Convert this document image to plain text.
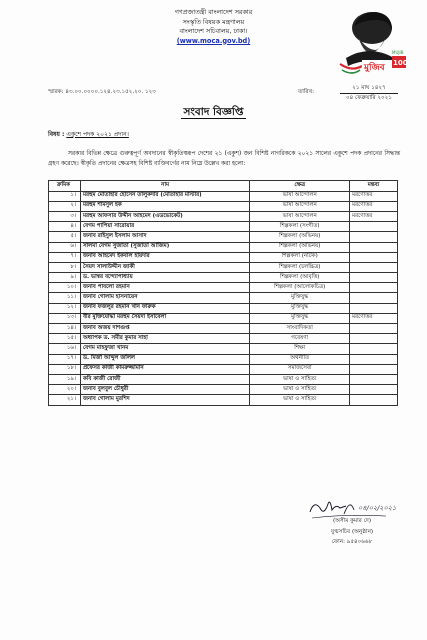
গণপ্রজাতন্ত্রী বাংলাদেশ সরকার
সংস্কৃতি বিষয়ক মন্ত্রণালয়
বাংলাদেশ সচিবালয়, ঢাকা।
(www.moca.gov.bd)
মুজিব 100
MUJIB
স্মারক: ৪৩.০০.০০০০.১২৪.২৩.১৫২.২০. ১২৩	তারিখ:
২১ মাঘ ১৪২৭
০৪ ফেব্রুয়ারি ২০২১
সংবাদ বিজ্ঞপ্তি
বিষয় : একুশে পদক ২০২১ প্রদান।

সরকার বিভিন্ন ক্ষেত্রে গুরুত্বপূর্ণ অবদানের স্বীকৃতিস্বরূপ দেশের ২১ (একুশ) জন বিশিষ্ট নাগরিককে ২০২১ সালের একুশে পদক প্রদানের সিদ্ধান্ত গ্রহণ করেছে। স্বীকৃতি প্রদানের ক্ষেত্রসহ বিশিষ্ট ব্যক্তিবর্গের নাম নিম্নে উল্লেখ করা হলো:

ক্রমিক	নাম	ক্ষেত্র	মন্তব্য
১।	মরহুম মোতাহার হোসেন তালুকদার (মোতাহার মাস্টার)	ভাষা আন্দোলন	মরণোত্তর
২।	মরহুম শামসুল হক	ভাষা আন্দোলন	মরণোত্তর
৩।	মরহুম আফসার উদ্দীন আহমেদ (এডভোকেট)	ভাষা আন্দোলন	মরণোত্তর
৪।	বেগম পাপিয়া সারোয়ার	শিল্পকলা (সংগীত)	
৫।	জনাব রাইসুল ইসলাম আসাদ	শিল্পকলা (অভিনয়)	
৬।	সালমা বেগম সুজাতা (সুজাতা আজিম)	শিল্পকলা (অভিনয়)	
৭।	জনাব আহমেদ ইকবাল হায়দার	শিল্পকলা (নাটক)	
৮।	সৈয়দ সালাউদ্দীন জাকী	শিল্পকলা (চলচ্চিত্র)	
৯।	ড. ভাস্বর বন্দ্যোপাধ্যায়	শিল্পকলা (আবৃত্তি)	
১০।	জনাব পাবলো রহমান	শিল্পকলা (আলোকচিত্র)	
১১।	জনাব গোলাম হাসনায়েন	মুক্তিযুদ্ধ	
১২।	জনাব ফজলুর রহমান খান ফারুক	মুক্তিযুদ্ধ	
১৩।	বীর মুক্তিযোদ্ধা মরহুম সৈয়দা ইসাবেলা	মুক্তিযুদ্ধ	মরণোত্তর
১৪।	জনাব অজয় দাশগুপ্ত	সাংবাদিকতা	
১৫।	অধ্যাপক ড. সমীর কুমার সাহা	গবেষণা	
১৬।	বেগম মাহফুজা খানম	শিক্ষা	
১৭।	ড. মির্জা আব্দুল জলিল	অর্থনীতি	
১৮।	প্রফেসর কাজী কামরুজ্জামান	সমাজসেবা	
১৯।	কবি কাজী রোজী	ভাষা ও সাহিত্য	
২০।	জনাব বুলবুল চৌধুরী	ভাষা ও সাহিত্য	
২১।	জনাব গোলাম মুরশিদ	ভাষা ও সাহিত্য	
০৪/০২/২০২১
(অসীম কুমার দে)
যুগ্মসচিব (অনুষ্ঠান)
ফোন: ৯৫৪০৬৬৮
